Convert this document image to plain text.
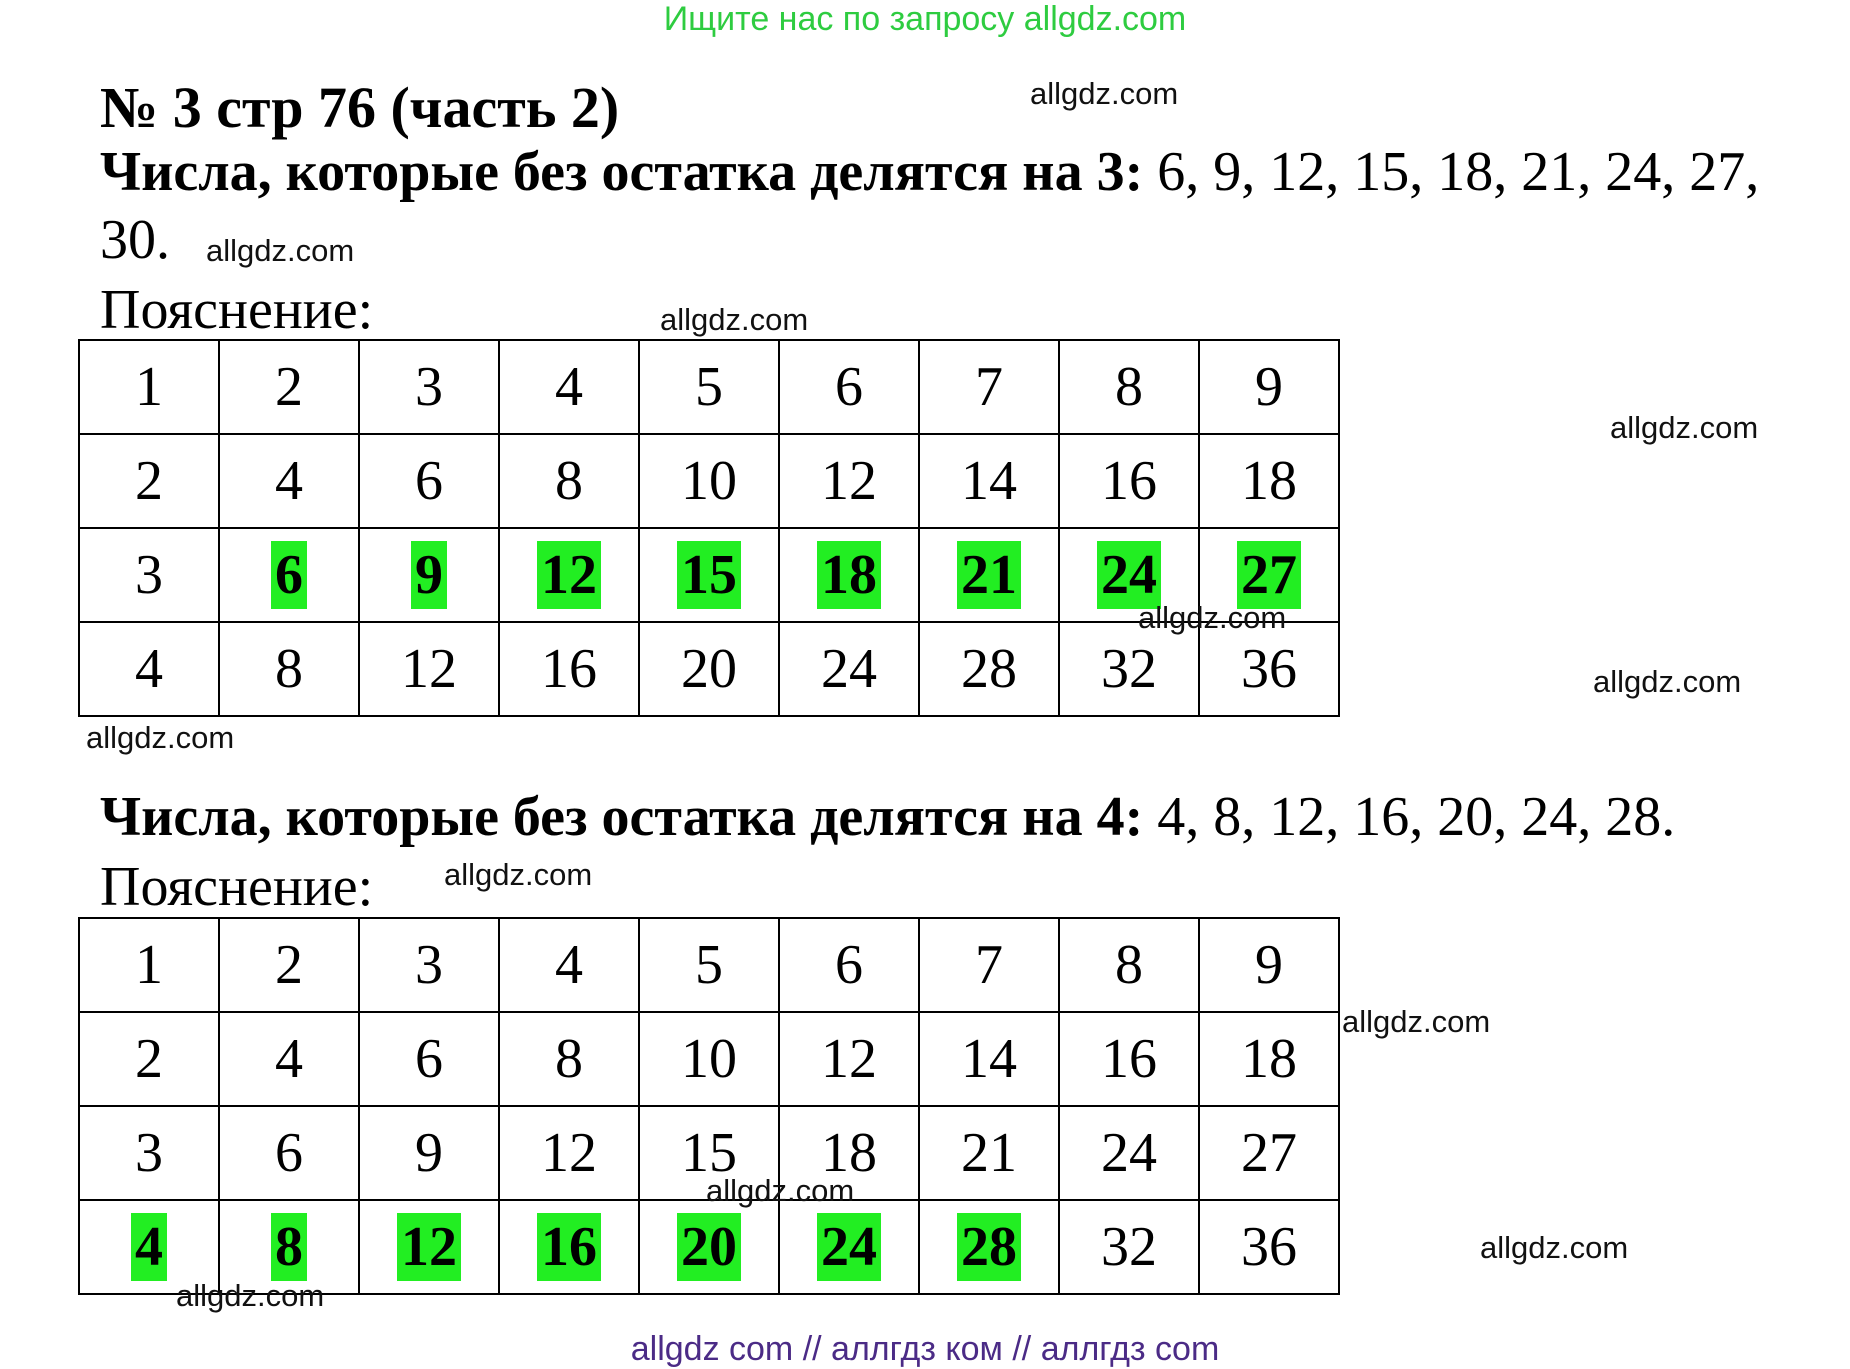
Ищите нас по запросу allgdz.com
№ 3 стр 76 (часть 2)
Числа, которые без остатка делятся на 3: 6, 9, 12, 15, 18, 21, 24, 27,
30.
Пояснение:
1	2	3	4	5	6	7	8	9
2	4	6	8	10	12	14	16	18
3	6	9	12	15	18	21	24	27
4	8	12	16	20	24	28	32	36
Числа, которые без остатка делятся на 4: 4, 8, 12, 16, 20, 24, 28.
Пояснение:
1	2	3	4	5	6	7	8	9
2	4	6	8	10	12	14	16	18
3	6	9	12	15	18	21	24	27
4	8	12	16	20	24	28	32	36
allgdz.com
allgdz.com
allgdz.com
allgdz.com
allgdz.com
allgdz.com
allgdz.com
allgdz.com
allgdz.com
allgdz.com
allgdz.com
allgdz.com
allgdz com // аллгдз ком // аллгдз com
